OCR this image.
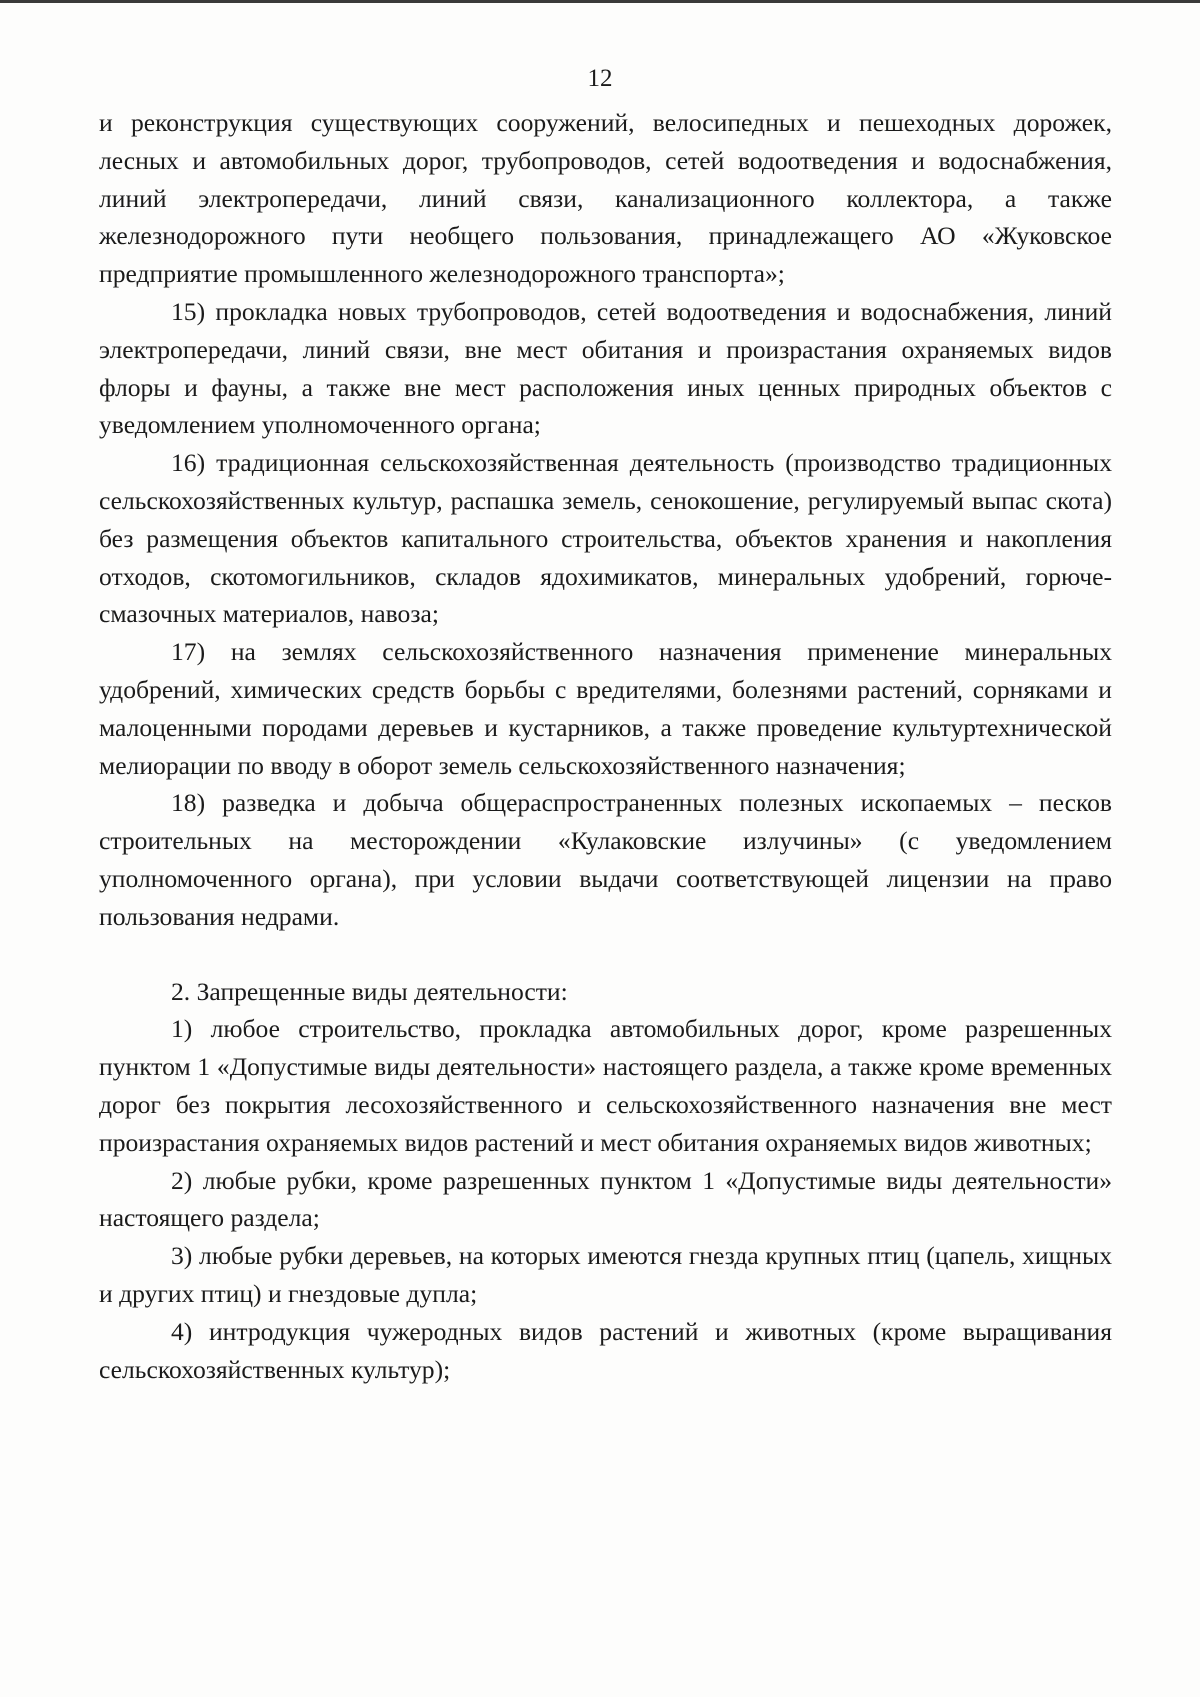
12

и реконструкция существующих сооружений, велосипедных и пешеходных дорожек, лесных и автомобильных дорог, трубопроводов, сетей водоотведения и водоснабжения, линий электропередачи, линий связи, канализационного коллектора, а также железнодорожного пути необщего пользования, принадлежащего АО «Жуковское предприятие промышленного железнодорожного транспорта»;

15) прокладка новых трубопроводов, сетей водоотведения и водоснабжения, линий электропередачи, линий связи, вне мест обитания и произрастания охраняемых видов флоры и фауны, а также вне мест расположения иных ценных природных объектов с уведомлением уполномоченного органа;

16) традиционная сельскохозяйственная деятельность (производство традиционных сельскохозяйственных культур, распашка земель, сенокошение, регулируемый выпас скота) без размещения объектов капитального строительства, объектов хранения и накопления отходов, скотомогильников, складов ядохимикатов, минеральных удобрений, горюче-смазочных материалов, навоза;

17) на землях сельскохозяйственного назначения применение минеральных удобрений, химических средств борьбы с вредителями, болезнями растений, сорняками и малоценными породами деревьев и кустарников, а также проведение культуртехнической мелиорации по вводу в оборот земель сельскохозяйственного назначения;

18) разведка и добыча общераспространенных полезных ископаемых – песков строительных на месторождении «Кулаковские излучины» (с уведомлением уполномоченного органа), при условии выдачи соответствующей лицензии на право пользования недрами.

2. Запрещенные виды деятельности:

1) любое строительство, прокладка автомобильных дорог, кроме разрешенных пунктом 1 «Допустимые виды деятельности» настоящего раздела, а также кроме временных дорог без покрытия лесохозяйственного и сельскохозяйственного назначения вне мест произрастания охраняемых видов растений и мест обитания охраняемых видов животных;

2) любые рубки, кроме разрешенных пунктом 1 «Допустимые виды деятельности» настоящего раздела;

3) любые рубки деревьев, на которых имеются гнезда крупных птиц (цапель, хищных и других птиц) и гнездовые дупла;

4) интродукция чужеродных видов растений и животных (кроме выращивания сельскохозяйственных культур);
